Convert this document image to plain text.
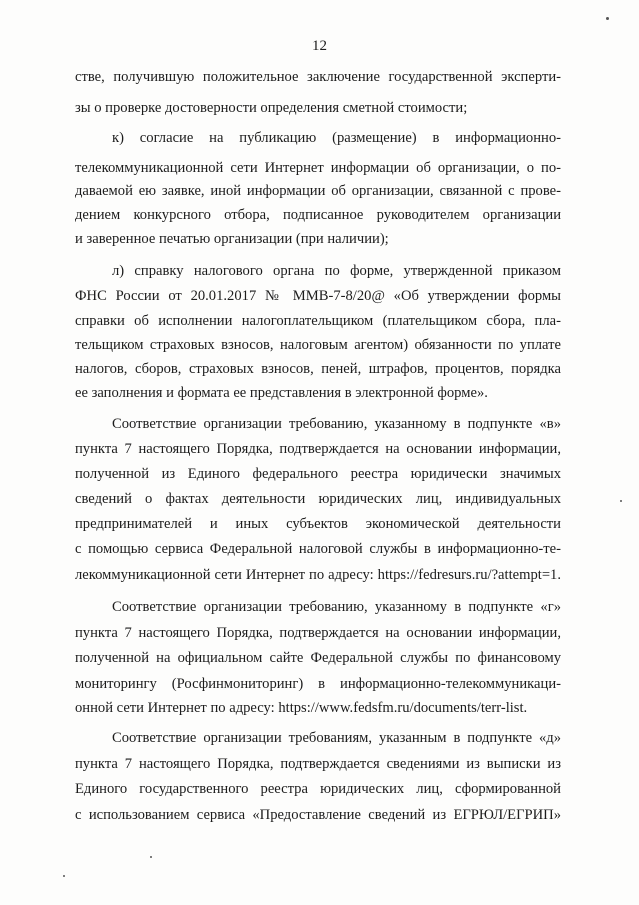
12
стве, получившую положительное заключение государственной эксперти-
зы о проверке достоверности определения сметной стоимости;
к) согласие на публикацию (размещение) в информационно-
телекоммуникационной сети Интернет информации об организации, о по-
даваемой ею заявке, иной информации об организации, связанной с прове-
дением конкурсного отбора, подписанное руководителем организации
и заверенное печатью организации (при наличии);
л) справку налогового органа по форме, утвержденной приказом
ФНС России от 20.01.2017 № ММВ-7-8/20@ «Об утверждении формы
справки об исполнении налогоплательщиком (плательщиком сбора, пла-
тельщиком страховых взносов, налоговым агентом) обязанности по уплате
налогов, сборов, страховых взносов, пеней, штрафов, процентов, порядка
ее заполнения и формата ее представления в электронной форме».
Соответствие организации требованию, указанному в подпункте «в»
пункта 7 настоящего Порядка, подтверждается на основании информации,
полученной из Единого федерального реестра юридически значимых
сведений о фактах деятельности юридических лиц, индивидуальных
предпринимателей и иных субъектов экономической деятельности
с помощью сервиса Федеральной налоговой службы в информационно-те-
лекоммуникационной сети Интернет по адресу: https://fedresurs.ru/?attempt=1.
Соответствие организации требованию, указанному в подпункте «г»
пункта 7 настоящего Порядка, подтверждается на основании информации,
полученной на официальном сайте Федеральной службы по финансовому
мониторингу (Росфинмониторинг) в информационно-телекоммуникаци-
онной сети Интернет по адресу: https://www.fedsfm.ru/documents/terr-list.
Соответствие организации требованиям, указанным в подпункте «д»
пункта 7 настоящего Порядка, подтверждается сведениями из выписки из
Единого государственного реестра юридических лиц, сформированной
с использованием сервиса «Предоставление сведений из ЕГРЮЛ/ЕГРИП»
